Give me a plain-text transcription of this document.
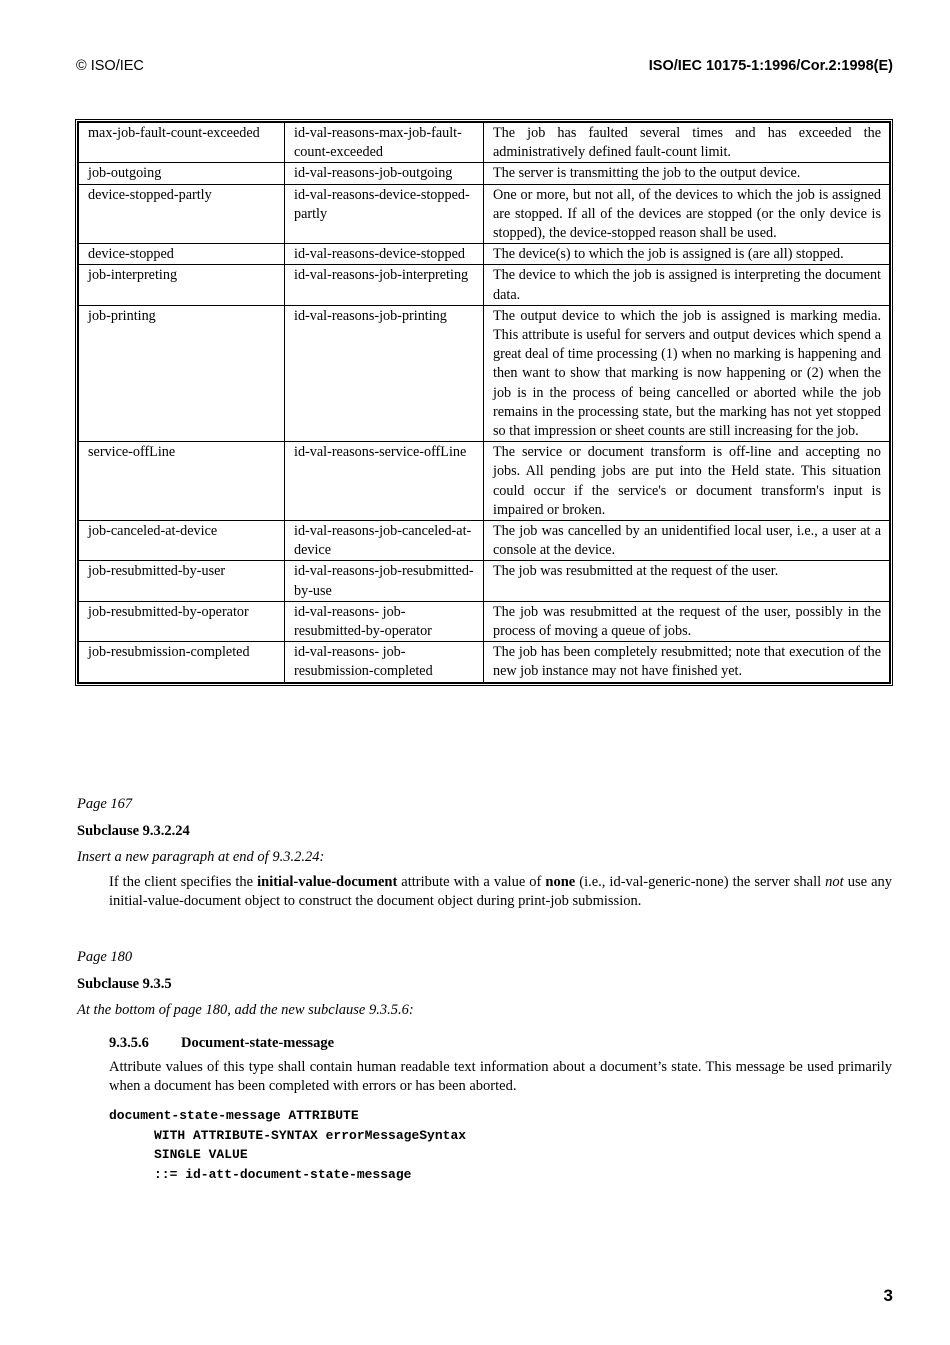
© ISO/IEC	ISO/IEC 10175-1:1996/Cor.2:1998(E)
max-job-fault-count-exceeded	id-val-reasons-max-job-fault-count-exceeded	The job has faulted several times and has exceeded the administratively defined fault-count limit.
job-outgoing	id-val-reasons-job-outgoing	The server is transmitting the job to the output device.
device-stopped-partly	id-val-reasons-device-stopped-partly	One or more, but not all, of the devices to which the job is assigned are stopped. If all of the devices are stopped (or the only device is stopped), the device-stopped reason shall be used.
device-stopped	id-val-reasons-device-stopped	The device(s) to which the job is assigned is (are all) stopped.
job-interpreting	id-val-reasons-job-interpreting	The device to which the job is assigned is interpreting the document data.
job-printing	id-val-reasons-job-printing	The output device to which the job is assigned is marking media. This attribute is useful for servers and output devices which spend a great deal of time processing (1) when no marking is happening and then want to show that marking is now happening or (2) when the job is in the process of being cancelled or aborted while the job remains in the processing state, but the marking has not yet stopped so that impression or sheet counts are still increasing for the job.
service-offLine	id-val-reasons-service-offLine	The service or document transform is off-line and accepting no jobs. All pending jobs are put into the Held state. This situation could occur if the service's or document transform's input is impaired or broken.
job-canceled-at-device	id-val-reasons-job-canceled-at-device	The job was cancelled by an unidentified local user, i.e., a user at a console at the device.
job-resubmitted-by-user	id-val-reasons-job-resubmitted-by-use	The job was resubmitted at the request of the user.
job-resubmitted-by-operator	id-val-reasons- job-resubmitted-by-operator	The job was resubmitted at the request of the user, possibly in the process of moving a queue of jobs.
job-resubmission-completed	id-val-reasons- job-resubmission-completed	The job has been completely resubmitted; note that execution of the new job instance may not have finished yet.
Page 167
Subclause 9.3.2.24
Insert a new paragraph at end of 9.3.2.24:
If the client specifies the initial-value-document attribute with a value of none (i.e., id-val-generic-none) the server shall not use any initial-value-document object to construct the document object during print-job submission.
Page 180
Subclause 9.3.5
At the bottom of page 180, add the new subclause 9.3.5.6:
9.3.5.6 Document-state-message
Attribute values of this type shall contain human readable text information about a document’s state. This message be used primarily when a document has been completed with errors or has been aborted.
document-state-message ATTRIBUTE
WITH ATTRIBUTE-SYNTAX errorMessageSyntax
SINGLE VALUE
::= id-att-document-state-message
3
